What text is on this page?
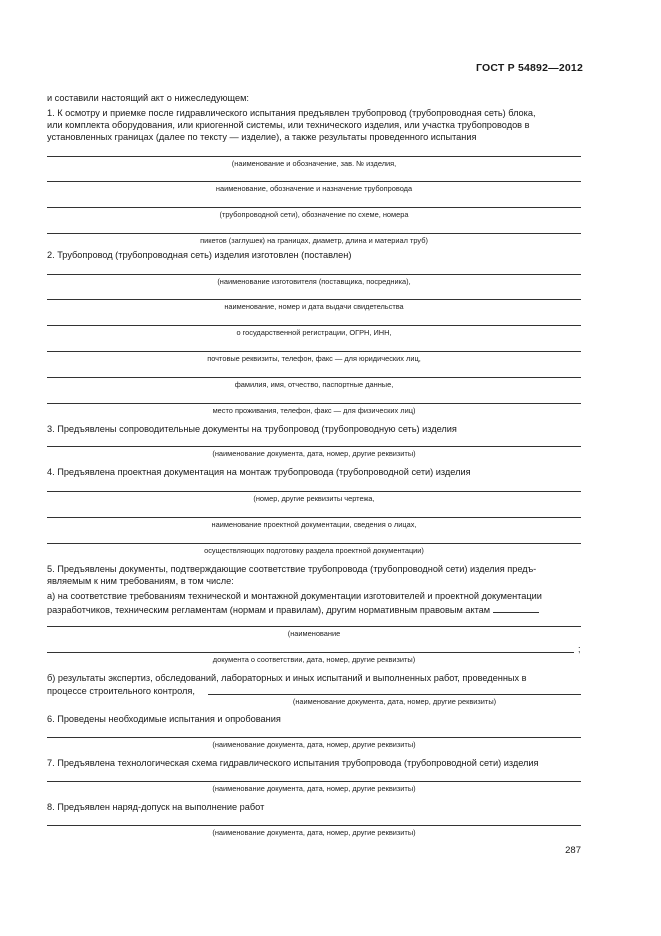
ГОСТ Р 54892—2012
и составили настоящий акт о нижеследующем:
1. К осмотру и приемке после гидравлического испытания предъявлен трубопровод (трубопроводная сеть) блока,
или комплекта оборудования, или криогенной системы, или технического изделия, или участка трубопроводов в
установленных границах (далее по тексту — изделие), а также результаты проведенного испытания
(наименование и обозначение, зав. № изделия,
наименование, обозначение и назначение трубопровода
(трубопроводной сети), обозначение по схеме, номера
пикетов (заглушек) на границах, диаметр, длина и материал труб)
2. Трубопровод (трубопроводная сеть) изделия изготовлен (поставлен)
(наименование изготовителя (поставщика, посредника),
наименование, номер и дата выдачи свидетельства
о государственной регистрации, ОГРН, ИНН,
почтовые реквизиты, телефон, факс — для юридических лиц,
фамилия, имя, отчество, паспортные данные,
место проживания, телефон, факс — для физических лиц)
3. Предъявлены сопроводительные документы на трубопровод (трубопроводную сеть) изделия
(наименование документа, дата, номер, другие реквизиты)
4. Предъявлена проектная документация на монтаж трубопровода (трубопроводной сети) изделия
(номер, другие реквизиты чертежа,
наименование проектной документации, сведения о лицах,
осуществляющих подготовку раздела проектной документации)
5. Предъявлены документы, подтверждающие соответствие трубопровода (трубопроводной сети) изделия предъ-
являемым к ним требованиям, в том числе:
а) на соответствие требованиям технической и монтажной документации изготовителей и проектной документации
разработчиков, техническим регламентам (нормам и правилам), другим нормативным правовым актам
(наименование
;
документа о соответствии, дата, номер, другие реквизиты)
б) результаты экспертиз, обследований, лабораторных и иных испытаний и выполненных работ, проведенных в
процессе строительного контроля,
(наименование документа, дата, номер, другие реквизиты)
6. Проведены необходимые испытания и опробования
(наименование документа, дата, номер, другие реквизиты)
7. Предъявлена технологическая схема гидравлического испытания трубопровода (трубопроводной сети) изделия
(наименование документа, дата, номер, другие реквизиты)
8. Предъявлен наряд-допуск на выполнение работ
(наименование документа, дата, номер, другие реквизиты)
287
